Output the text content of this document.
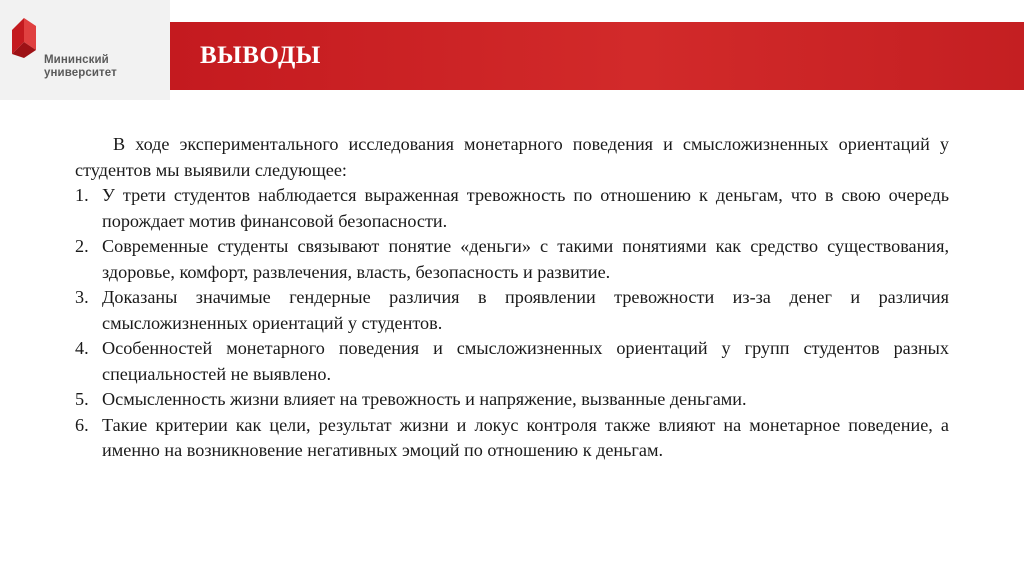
Мининский
университет
ВЫВОДЫ

В ходе экспериментального исследования монетарного поведения и смысложизненных ориентаций у студентов мы выявили следующее:

1. У трети студентов наблюдается выраженная тревожность по отношению к деньгам, что в свою очередь порождает мотив финансовой безопасности.
2. Современные студенты связывают понятие «деньги» с такими понятиями как средство существования, здоровье, комфорт, развлечения, власть, безопасность и развитие.
3. Доказаны значимые гендерные различия в проявлении тревожности из-за денег и различия смысложизненных ориентаций у студентов.
4. Особенностей монетарного поведения и смысложизненных ориентаций у групп студентов разных специальностей не выявлено.
5. Осмысленность жизни влияет на тревожность и напряжение, вызванные деньгами.
6. Такие критерии как цели, результат жизни и локус контроля также влияют на монетарное поведение, а именно на возникновение негативных эмоций по отношению к деньгам.
